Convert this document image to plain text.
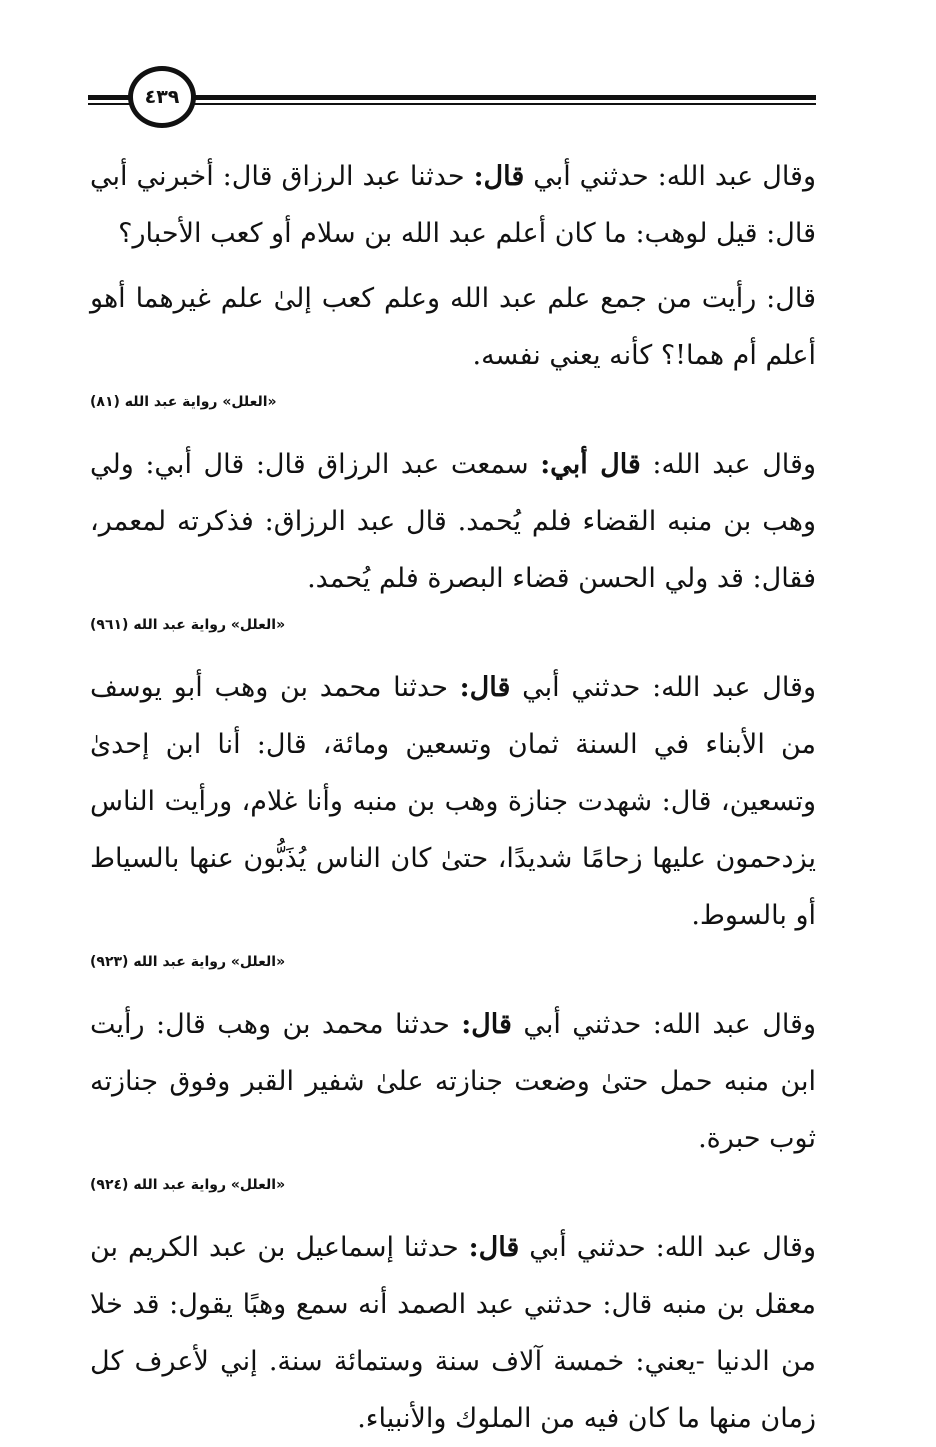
٤٣٩

وقال عبد الله: حدثني أبي قال: حدثنا عبد الرزاق قال: أخبرني أبي قال: قيل لوهب: ما كان أعلم عبد الله بن سلام أو كعب الأحبار؟

قال: رأيت من جمع علم عبد الله وعلم كعب إلىٰ علم غيرهما أهو أعلم أم هما!؟ كأنه يعني نفسه.

«العلل» رواية عبد الله (٨١)

وقال عبد الله: قال أبي: سمعت عبد الرزاق قال: قال أبي: ولي وهب بن منبه القضاء فلم يُحمد. قال عبد الرزاق: فذكرته لمعمر، فقال: قد ولي الحسن قضاء البصرة فلم يُحمد.

«العلل» رواية عبد الله (٩٦١)

وقال عبد الله: حدثني أبي قال: حدثنا محمد بن وهب أبو يوسف من الأبناء في السنة ثمان وتسعين ومائة، قال: أنا ابن إحدىٰ وتسعين، قال: شهدت جنازة وهب بن منبه وأنا غلام، ورأيت الناس يزدحمون عليها زحامًا شديدًا، حتىٰ كان الناس يُذَبُّون عنها بالسياط أو بالسوط.

«العلل» رواية عبد الله (٩٢٣)

وقال عبد الله: حدثني أبي قال: حدثنا محمد بن وهب قال: رأيت ابن منبه حمل حتىٰ وضعت جنازته علىٰ شفير القبر وفوق جنازته ثوب حبرة.

«العلل» رواية عبد الله (٩٢٤)

وقال عبد الله: حدثني أبي قال: حدثنا إسماعيل بن عبد الكريم بن معقل بن منبه قال: حدثني عبد الصمد أنه سمع وهبًا يقول: قد خلا من الدنيا -يعني: خمسة آلاف سنة وستمائة سنة. إني لأعرف كل زمان منها ما كان فيه من الملوك والأنبياء.
